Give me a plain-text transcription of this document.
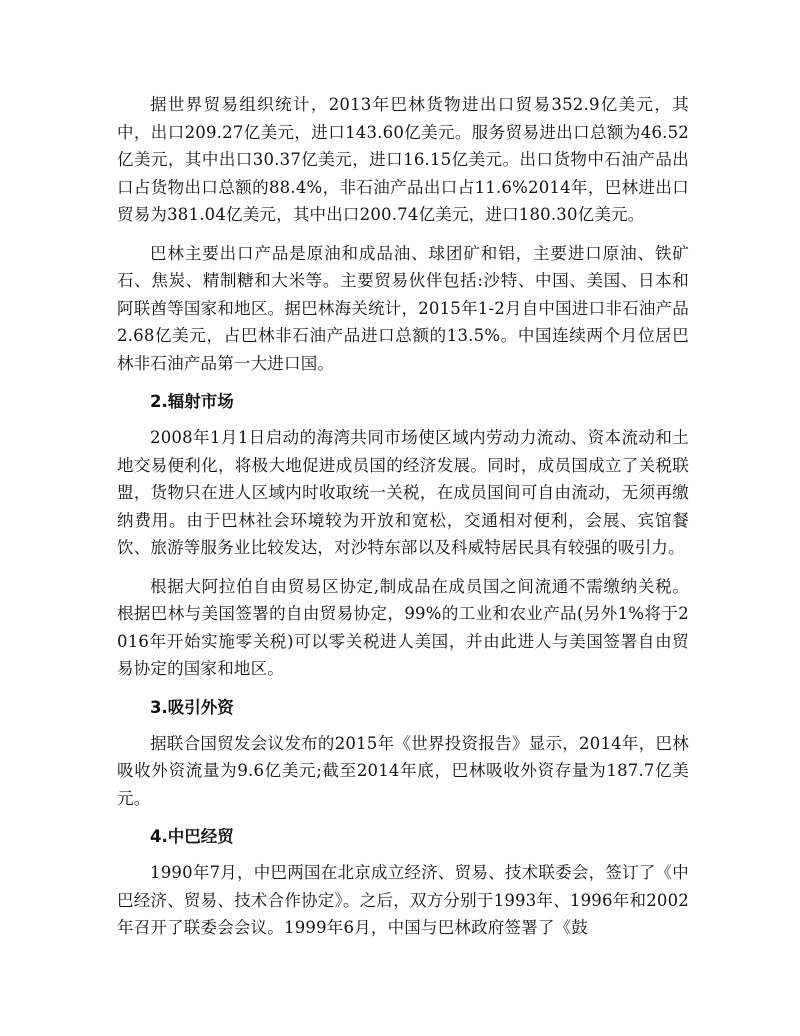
据世界贸易组织统计，2013年巴林货物进出口贸易352.9亿美元，其中，出口209.27亿美元，进口143.60亿美元。服务贸易进出口总额为46.52亿美元，其中出口30.37亿美元，进口16.15亿美元。出口货物中石油产品出口占货物出口总额的88.4%，非石油产品出口占11.6%2014年，巴林进出口贸易为381.04亿美元，其中出口200.74亿美元，进口180.30亿美元。

巴林主要出口产品是原油和成品油、球团矿和铝，主要进口原油、铁矿石、焦炭、精制糖和大米等。主要贸易伙伴包括:沙特、中国、美国、日本和阿联酋等国家和地区。据巴林海关统计，2015年1-2月自中国进口非石油产品2.68亿美元，占巴林非石油产品进口总额的13.5%。中国连续两个月位居巴林非石油产品第一大进口国。

2.辐射市场

2008年1月1日启动的海湾共同市场使区域内劳动力流动、资本流动和土地交易便利化，将极大地促进成员国的经济发展。同时，成员国成立了关税联盟，货物只在进人区域内时收取统一关税，在成员国间可自由流动，无须再缴纳费用。由于巴林社会环境较为开放和宽松，交通相对便利，会展、宾馆餐饮、旅游等服务业比较发达，对沙特东部以及科威特居民具有较强的吸引力。

根据大阿拉伯自由贸易区协定,制成品在成员国之间流通不需缴纳关税。根据巴林与美国签署的自由贸易协定，99%的工业和农业产品(另外1%将于2016年开始实施零关税)可以零关税进人美国，并由此进人与美国签署自由贸易协定的国家和地区。

3.吸引外资

据联合国贸发会议发布的2015年《世界投资报告》显示，2014年，巴林吸收外资流量为9.6亿美元;截至2014年底，巴林吸收外资存量为187.7亿美元。

4.中巴经贸

1990年7月，中巴两国在北京成立经济、贸易、技术联委会，签订了《中巴经济、贸易、技术合作协定》。之后，双方分别于1993年、1996年和2002年召开了联委会会议。1999年6月，中国与巴林政府签署了《鼓
